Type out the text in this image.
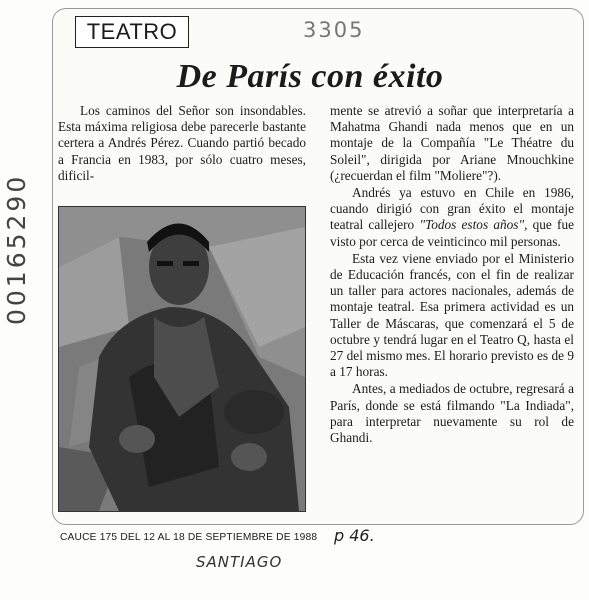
TEATRO	3305
00165290
De París con éxito

Los caminos del Señor son insondables. Esta máxima religiosa debe parecerle bastante certera a Andrés Pérez. Cuando partió becado a Francia en 1983, por sólo cuatro meses, dificil-

Foto: Pia Cosmelli

mente se atrevió a soñar que interpretaría a Mahatma Ghandi nada menos que en un montaje de la Compañía "Le Théatre du Soleil", dirigida por Ariane Mnouchkine (¿recuerdan el film "Moliere"?).

Andrés ya estuvo en Chile en 1986, cuando dirigió con gran éxito el montaje teatral callejero "Todos estos años", que fue visto por cerca de veinticinco mil personas.

Esta vez viene enviado por el Ministerio de Educación francés, con el fin de realizar un taller para actores nacionales, además de montaje teatral. Esa primera actividad es un Taller de Máscaras, que comenzará el 5 de octubre y tendrá lugar en el Teatro Q, hasta el 27 del mismo mes. El horario previsto es de 9 a 17 horas.

Antes, a mediados de octubre, regresará a París, donde se está filmando "La Indiada", para interpretar nuevamente su rol de Ghandi.

CAUCE 175 DEL 12 AL 18 DE SEPTIEMBRE DE 1988 p 46.
SANTIAGO
